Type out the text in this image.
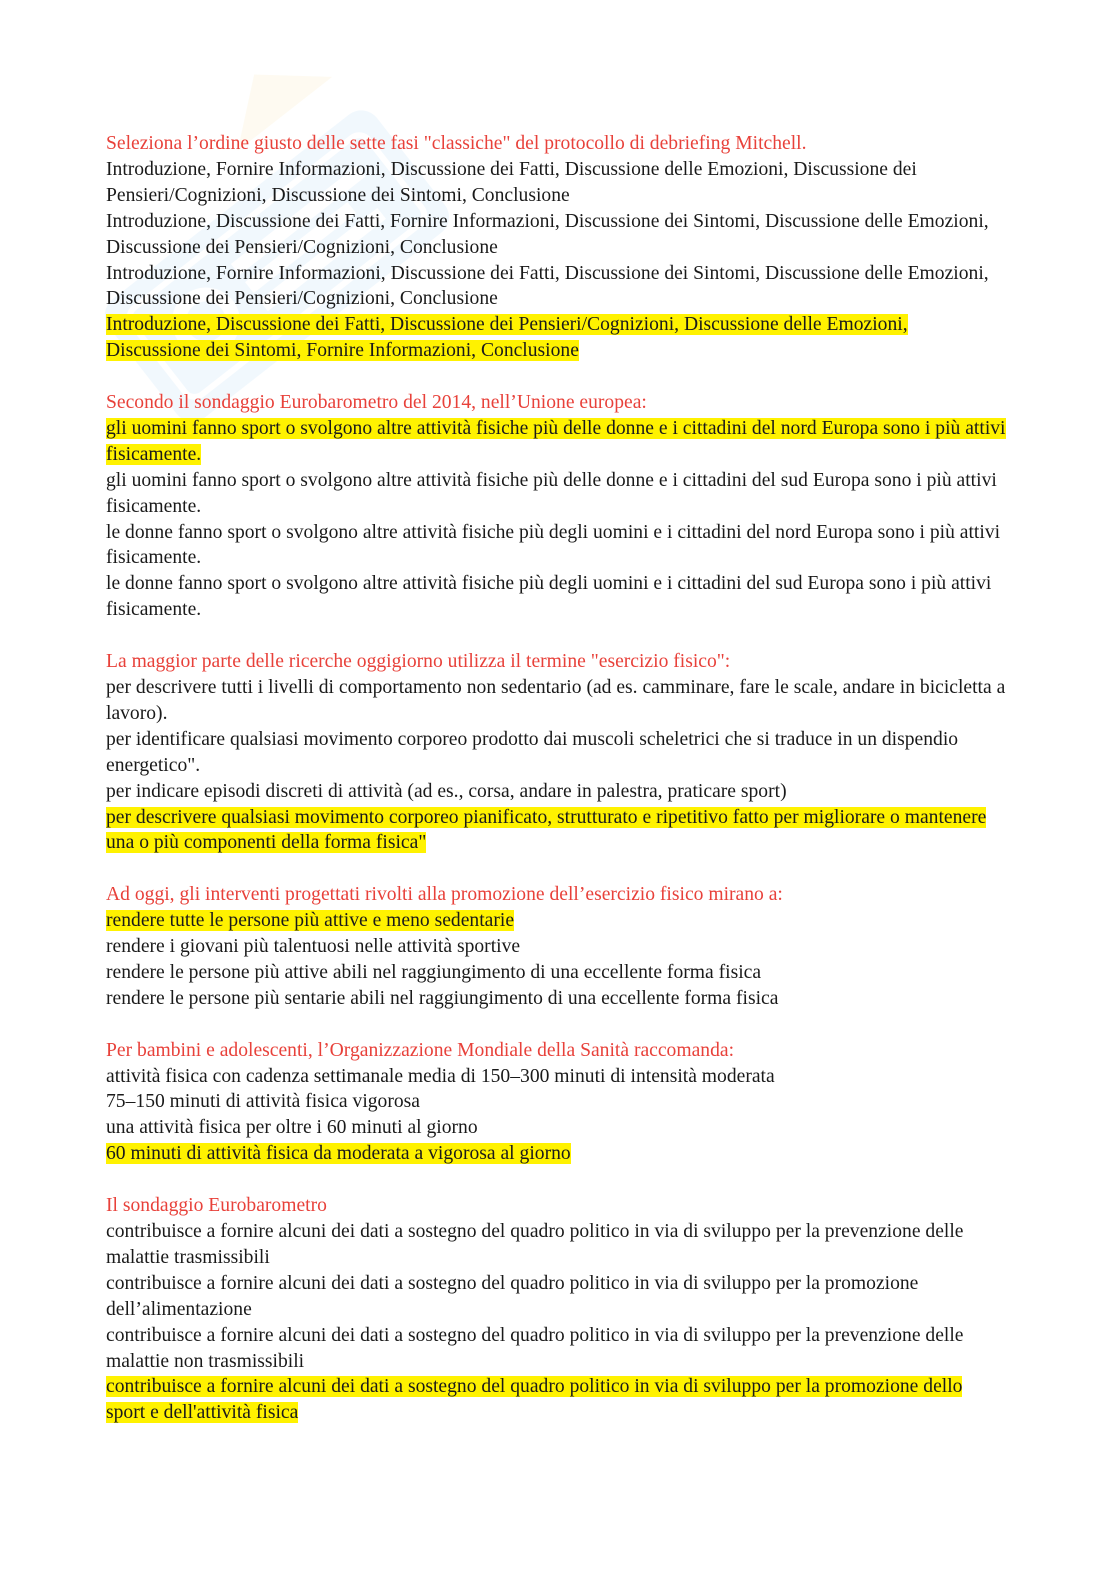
Seleziona l’ordine giusto delle sette fasi "classiche" del protocollo di debriefing Mitchell.
Introduzione, Fornire Informazioni, Discussione dei Fatti, Discussione delle Emozioni, Discussione dei Pensieri/Cognizioni, Discussione dei Sintomi, Conclusione
Introduzione, Discussione dei Fatti, Fornire Informazioni, Discussione dei Sintomi, Discussione delle Emozioni, Discussione dei Pensieri/Cognizioni, Conclusione
Introduzione, Fornire Informazioni, Discussione dei Fatti, Discussione dei Sintomi, Discussione delle Emozioni, Discussione dei Pensieri/Cognizioni, Conclusione
Introduzione, Discussione dei Fatti, Discussione dei Pensieri/Cognizioni, Discussione delle Emozioni, Discussione dei Sintomi, Fornire Informazioni, Conclusione
Secondo il sondaggio Eurobarometro del 2014, nell’Unione europea:
gli uomini fanno sport o svolgono altre attività fisiche più delle donne e i cittadini del nord Europa sono i più attivi fisicamente.
gli uomini fanno sport o svolgono altre attività fisiche più delle donne e i cittadini del sud Europa sono i più attivi fisicamente.
le donne fanno sport o svolgono altre attività fisiche più degli uomini e i cittadini del nord Europa sono i più attivi fisicamente.
le donne fanno sport o svolgono altre attività fisiche più degli uomini e i cittadini del sud Europa sono i più attivi fisicamente.
La maggior parte delle ricerche oggigiorno utilizza il termine "esercizio fisico":
per descrivere tutti i livelli di comportamento non sedentario (ad es. camminare, fare le scale, andare in bicicletta a lavoro).
per identificare qualsiasi movimento corporeo prodotto dai muscoli scheletrici che si traduce in un dispendio energetico".
per indicare episodi discreti di attività (ad es., corsa, andare in palestra, praticare sport)
per descrivere qualsiasi movimento corporeo pianificato, strutturato e ripetitivo fatto per migliorare o mantenere una o più componenti della forma fisica"
Ad oggi, gli interventi progettati rivolti alla promozione dell’esercizio fisico mirano a:
rendere tutte le persone più attive e meno sedentarie
rendere i giovani più talentuosi nelle attività sportive
rendere le persone più attive abili nel raggiungimento di una eccellente forma fisica
rendere le persone più sentarie abili nel raggiungimento di una eccellente forma fisica
Per bambini e adolescenti, l’Organizzazione Mondiale della Sanità raccomanda:
attività fisica con cadenza settimanale media di 150–300 minuti di intensità moderata
75–150 minuti di attività fisica vigorosa
una attività fisica per oltre i 60 minuti al giorno
60 minuti di attività fisica da moderata a vigorosa al giorno
Il sondaggio Eurobarometro
contribuisce a fornire alcuni dei dati a sostegno del quadro politico in via di sviluppo per la prevenzione delle malattie trasmissibili
contribuisce a fornire alcuni dei dati a sostegno del quadro politico in via di sviluppo per la promozione dell’alimentazione
contribuisce a fornire alcuni dei dati a sostegno del quadro politico in via di sviluppo per la prevenzione delle malattie non trasmissibili
contribuisce a fornire alcuni dei dati a sostegno del quadro politico in via di sviluppo per la promozione dello sport e dell'attività fisica
